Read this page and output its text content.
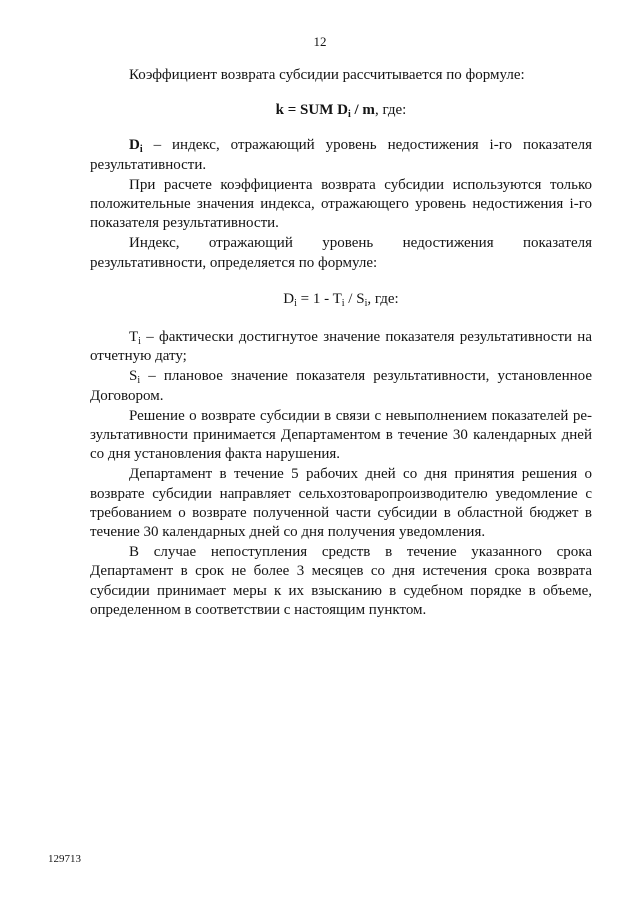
12

Коэффициент возврата субсидии рассчитывается по формуле:

k = SUM $D_i$ / m, где:

$D_i$ – индекс, отражающий уровень недостижения i-го показателя результативности.

При расчете коэффициента возврата субсидии используются только положительные значения индекса, отражающего уровень недостижения i-го показателя результативности.

Индекс, отражающий уровень недостижения показателя результативности, определяется по формуле:

$D_i = 1 - T_i / S_i$, где:

$T_i$ – фактически достигнутое значение показателя результативности на отчетную дату;

$S_i$ – плановое значение показателя результативности, установленное Договором.

Решение о возврате субсидии в связи с невыполнением показателей результативности принимается Департаментом в течение 30 календарных дней со дня установления факта нарушения.

Департамент в течение 5 рабочих дней со дня принятия решения о возврате субсидии направляет сельхозтоваропроизводителю уведомление с требованием о возврате полученной части субсидии в областной бюджет в течение 30 календарных дней со дня получения уведомления.

В случае непоступления средств в течение указанного срока Департамент в срок не более 3 месяцев со дня истечения срока возврата субсидии принимает меры к их взысканию в судебном порядке в объеме, определенном в соответствии с настоящим пунктом.

129713
